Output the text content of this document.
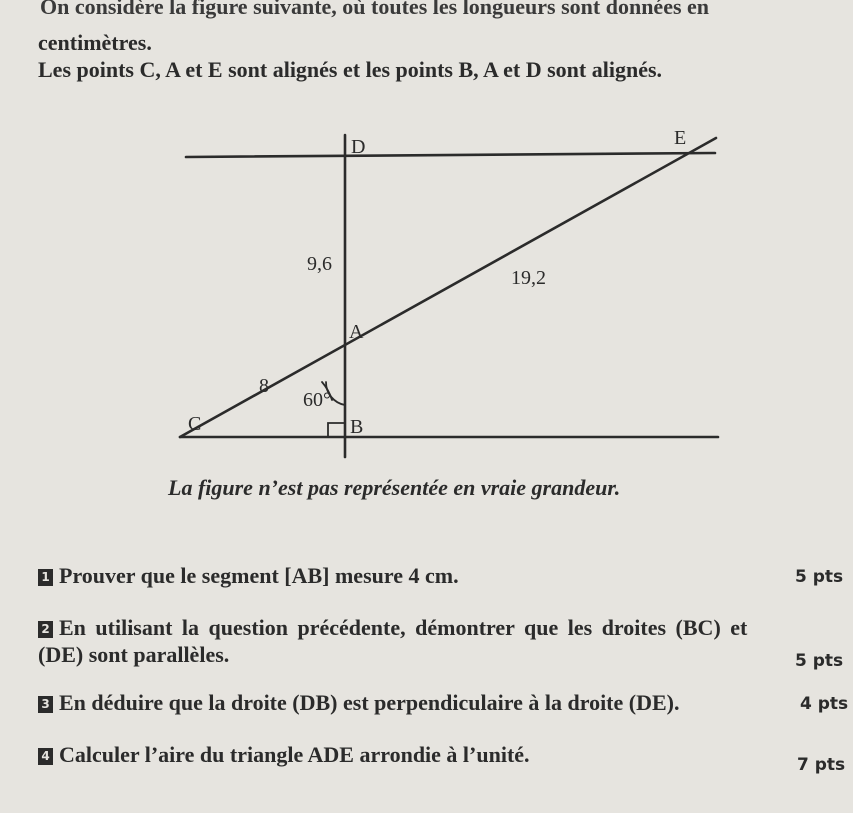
On considère la figure suivante, où toutes les longueurs sont données en
centimètres.
Les points C, A et E sont alignés et les points B, A et D sont alignés.
D	E
A
C	B
9,6
19,2
8
60°
La figure n’est pas représentée en vraie grandeur.
1 Prouver que le segment [AB] mesure 4 cm.	5 pts
2 En utilisant la question précédente, démontrer que les droites (BC) et
(DE) sont parallèles.	5 pts
3 En déduire que la droite (DB) est perpendiculaire à la droite (DE).	4 pts
4 Calculer l’aire du triangle ADE arrondie à l’unité.	7 pts
